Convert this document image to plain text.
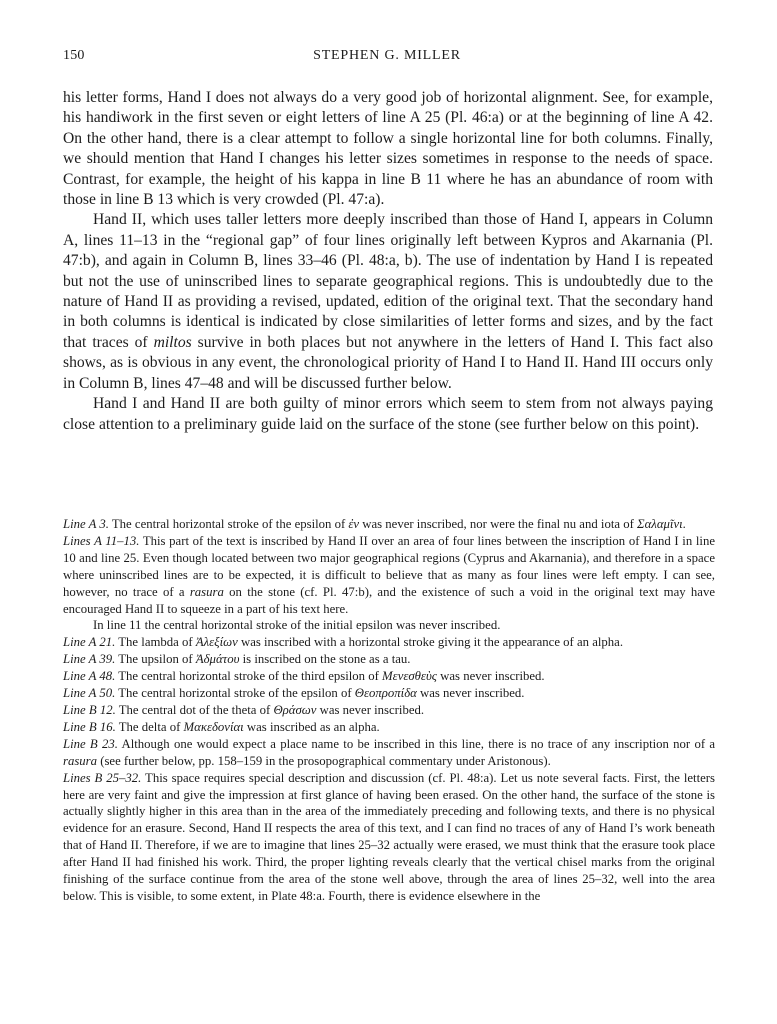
150	STEPHEN G. MILLER

his letter forms, Hand I does not always do a very good job of horizontal alignment. See, for example, his handiwork in the first seven or eight letters of line A 25 (Pl. 46:a) or at the beginning of line A 42. On the other hand, there is a clear attempt to follow a single horizontal line for both columns. Finally, we should mention that Hand I changes his letter sizes sometimes in response to the needs of space. Contrast, for example, the height of his kappa in line B 11 where he has an abundance of room with those in line B 13 which is very crowded (Pl. 47:a).

Hand II, which uses taller letters more deeply inscribed than those of Hand I, appears in Column A, lines 11–13 in the “regional gap” of four lines originally left between Kypros and Akarnania (Pl. 47:b), and again in Column B, lines 33–46 (Pl. 48:a, b). The use of indentation by Hand I is repeated but not the use of uninscribed lines to separate geographical regions. This is undoubtedly due to the nature of Hand II as providing a revised, updated, edition of the original text. That the secondary hand in both columns is identical is indicated by close similarities of letter forms and sizes, and by the fact that traces of miltos survive in both places but not anywhere in the letters of Hand I. This fact also shows, as is obvious in any event, the chronological priority of Hand I to Hand II. Hand III occurs only in Column B, lines 47–48 and will be discussed further below.

Hand I and Hand II are both guilty of minor errors which seem to stem from not always paying close attention to a preliminary guide laid on the surface of the stone (see further below on this point).

Line A 3. The central horizontal stroke of the epsilon of ἐν was never inscribed, nor were the final nu and iota of Σαλαμῖνι.

Lines A 11–13. This part of the text is inscribed by Hand II over an area of four lines between the inscription of Hand I in line 10 and line 25. Even though located between two major geographical regions (Cyprus and Akarnania), and therefore in a space where uninscribed lines are to be expected, it is difficult to believe that as many as four lines were left empty. I can see, however, no trace of a rasura on the stone (cf. Pl. 47:b), and the existence of such a void in the original text may have encouraged Hand II to squeeze in a part of his text here.

In line 11 the central horizontal stroke of the initial epsilon was never inscribed.

Line A 21. The lambda of Ἀλεξίων was inscribed with a horizontal stroke giving it the appearance of an alpha.

Line A 39. The upsilon of Ἀδμάτου is inscribed on the stone as a tau.

Line A 48. The central horizontal stroke of the third epsilon of Μενεσθεὺς was never inscribed.

Line A 50. The central horizontal stroke of the epsilon of Θεοπροπίδα was never inscribed.

Line B 12. The central dot of the theta of Θράσων was never inscribed.

Line B 16. The delta of Μακεδονίαι was inscribed as an alpha.

Line B 23. Although one would expect a place name to be inscribed in this line, there is no trace of any inscription nor of a rasura (see further below, pp. 158–159 in the prosopographical commentary under Aristonous).

Lines B 25–32. This space requires special description and discussion (cf. Pl. 48:a). Let us note several facts. First, the letters here are very faint and give the impression at first glance of having been erased. On the other hand, the surface of the stone is actually slightly higher in this area than in the area of the immediately preceding and following texts, and there is no physical evidence for an erasure. Second, Hand II respects the area of this text, and I can find no traces of any of Hand I’s work beneath that of Hand II. Therefore, if we are to imagine that lines 25–32 actually were erased, we must think that the erasure took place after Hand II had finished his work. Third, the proper lighting reveals clearly that the vertical chisel marks from the original finishing of the surface continue from the area of the stone well above, through the area of lines 25–32, well into the area below. This is visible, to some extent, in Plate 48:a. Fourth, there is evidence elsewhere in the
